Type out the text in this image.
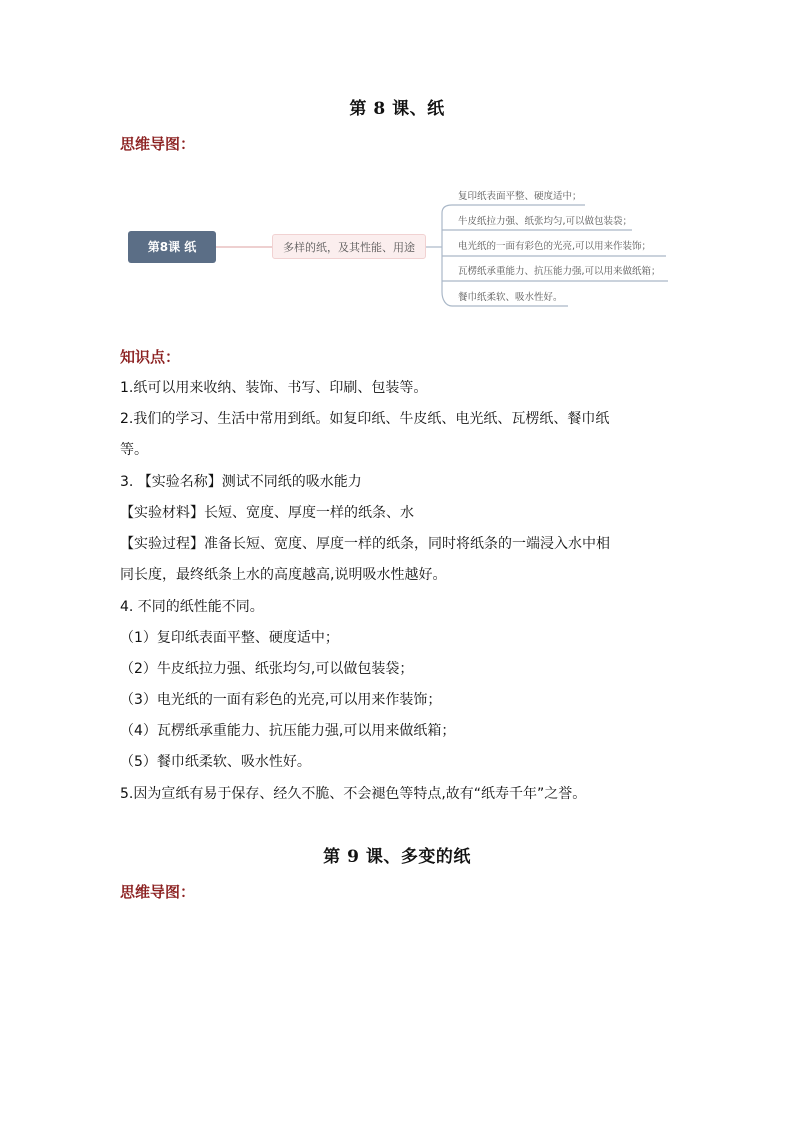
第 8 课、纸
思维导图：
第8课 纸	多样的纸，及其性能、用途
复印纸表面平整、硬度适中；
牛皮纸拉力强、纸张均匀,可以做包装袋；
电光纸的一面有彩色的光亮,可以用来作装饰；
瓦楞纸承重能力、抗压能力强,可以用来做纸箱；
餐巾纸柔软、吸水性好。
知识点：
1.纸可以用来收纳、装饰、书写、印刷、包装等。
2.我们的学习、生活中常用到纸。如复印纸、牛皮纸、电光纸、瓦楞纸、餐巾纸
等。
3. 【实验名称】测试不同纸的吸水能力
【实验材料】长短、宽度、厚度一样的纸条、水
【实验过程】准备长短、宽度、厚度一样的纸条，同时将纸条的一端浸入水中相
同长度，最终纸条上水的高度越高,说明吸水性越好。
4. 不同的纸性能不同。
（1）复印纸表面平整、硬度适中；
（2）牛皮纸拉力强、纸张均匀,可以做包装袋；
（3）电光纸的一面有彩色的光亮,可以用来作装饰；
（4）瓦楞纸承重能力、抗压能力强,可以用来做纸箱；
（5）餐巾纸柔软、吸水性好。
5.因为宣纸有易于保存、经久不脆、不会褪色等特点,故有“纸寿千年”之誉。
第 9 课、多变的纸
思维导图：
